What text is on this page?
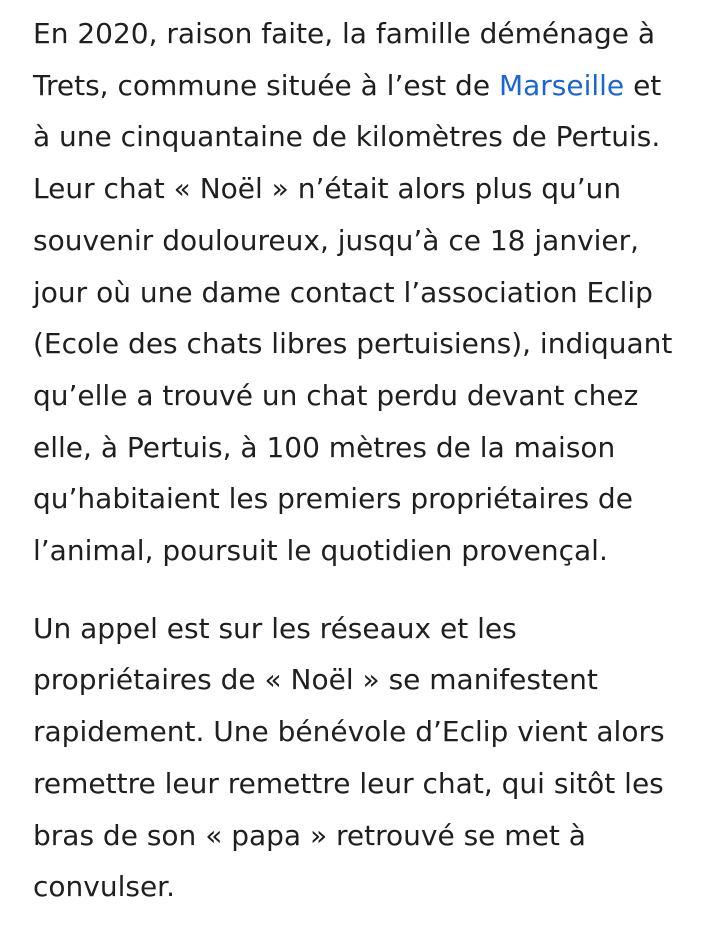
En 2020, raison faite, la famille déménage à
Trets, commune située à l’est de Marseille et
à une cinquantaine de kilomètres de Pertuis.
Leur chat « Noël » n’était alors plus qu’un
souvenir douloureux, jusqu’à ce 18 janvier,
jour où une dame contact l’association Eclip
(Ecole des chats libres pertuisiens), indiquant
qu’elle a trouvé un chat perdu devant chez
elle, à Pertuis, à 100 mètres de la maison
qu’habitaient les premiers propriétaires de
l’animal, poursuit le quotidien provençal.

Un appel est sur les réseaux et les
propriétaires de « Noël » se manifestent
rapidement. Une bénévole d’Eclip vient alors
remettre leur remettre leur chat, qui sitôt les
bras de son « papa » retrouvé se met à
convulser.
